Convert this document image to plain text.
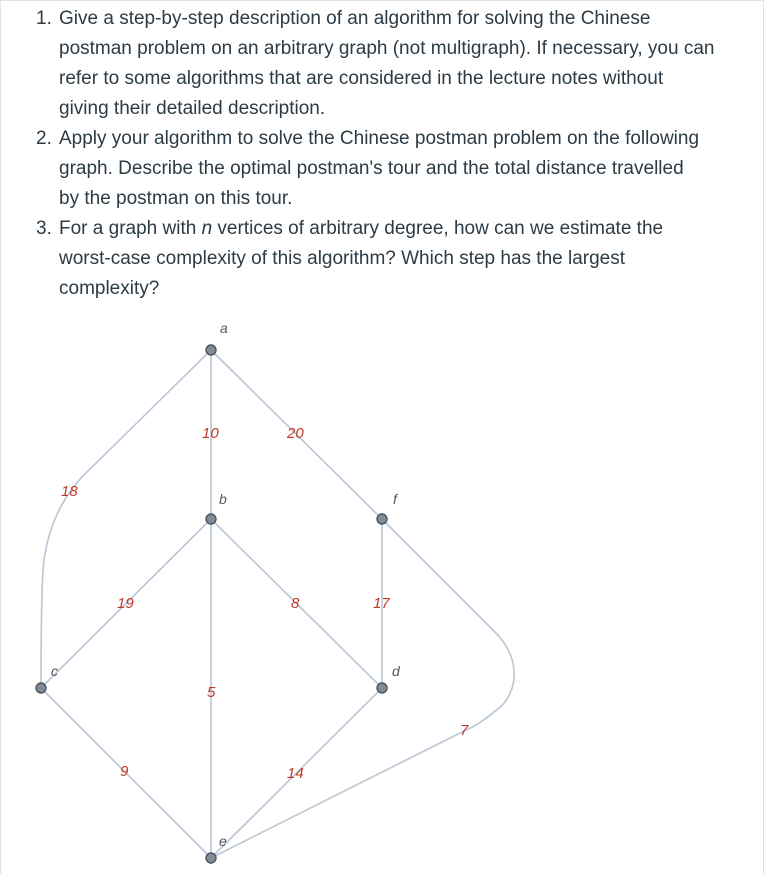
1. Give a step-by-step description of an algorithm for solving the Chinese
postman problem on an arbitrary graph (not multigraph). If necessary, you can
refer to some algorithms that are considered in the lecture notes without
giving their detailed description.
2. Apply your algorithm to solve the Chinese postman problem on the following
graph. Describe the optimal postman's tour and the total distance travelled
by the postman on this tour.
3. For a graph with n vertices of arbitrary degree, how can we estimate the
worst-case complexity of this algorithm? Which step has the largest
complexity?
10	20
18
19	8
5
17
7
9	14
a
b
c	d
e
f
